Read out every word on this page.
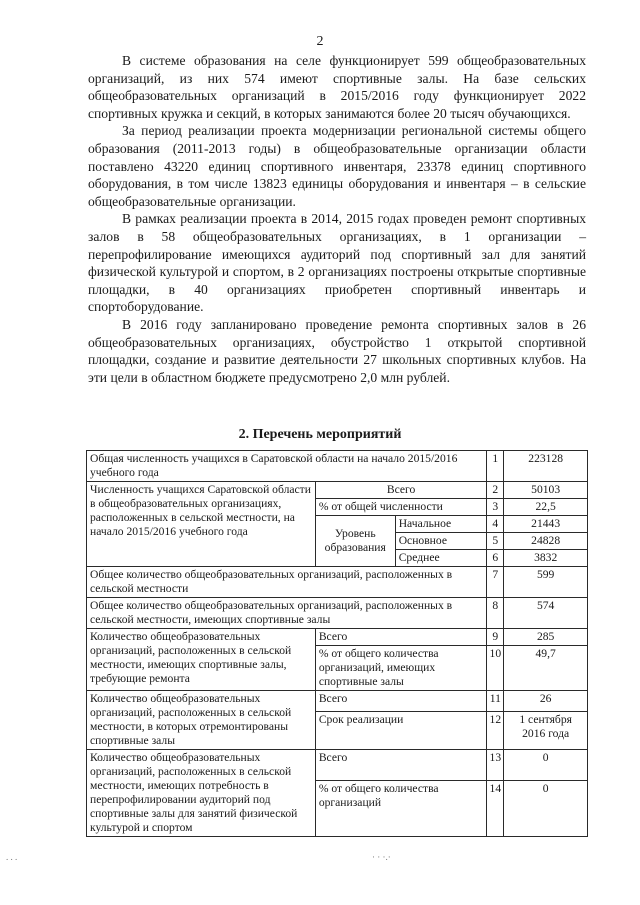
2

В системе образования на селе функционирует 599 общеобразовательных организаций, из них 574 имеют спортивные залы. На базе сельских общеобразовательных организаций в 2015/2016 году функционирует 2022 спортивных кружка и секций, в которых занимаются более 20 тысяч обучающихся.

За период реализации проекта модернизации региональной системы общего образования (2011-2013 годы) в общеобразовательные организации области поставлено 43220 единиц спортивного инвентаря, 23378 единиц спортивного оборудования, в том числе 13823 единицы оборудования и инвентаря – в сельские общеобразовательные организации.

В рамках реализации проекта в 2014, 2015 годах проведен ремонт спортивных залов в 58 общеобразовательных организациях, в 1 организации – перепрофилирование имеющихся аудиторий под спортивный зал для занятий физической культурой и спортом, в 2 организациях построены открытые спортивные площадки, в 40 организациях приобретен спортивный инвентарь и спортоборудование.

В 2016 году запланировано проведение ремонта спортивных залов в 26 общеобразовательных организациях, обустройство 1 открытой спортивной площадки, создание и развитие деятельности 27 школьных спортивных клубов. На эти цели в областном бюджете предусмотрено 2,0 млн рублей.

2. Перечень мероприятий
Общая численность учащихся в Саратовской области на начало 2015/2016 учебного года			1	223128
Численность учащихся Саратовской области в общеобразовательных организациях, расположенных в сельской местности, на начало 2015/2016 учебного года	Всего		2	50103
	% от общей численности		3	22,5
	Уровень образования	Начальное	4	21443
		Основное	5	24828
		Среднее	6	3832
Общее количество общеобразовательных организаций, расположенных в сельской местности			7	599
Общее количество общеобразовательных организаций, расположенных в сельской местности, имеющих спортивные залы			8	574
Количество общеобразовательных организаций, расположенных в сельской местности, имеющих спортивные залы, требующие ремонта	Всего		9	285
	% от общего количества организаций, имеющих спортивные залы		10	49,7
Количество общеобразовательных организаций, расположенных в сельской местности, в которых отремонтированы спортивные залы	Всего		11	26
	Срок реализации		12	1 сентября 2016 года
Количество общеобразовательных организаций, расположенных в сельской местности, имеющих потребность в перепрофилировании аудиторий под спортивные залы для занятий физической культурой и спортом	Всего		13	0
	% от общего количества организаций		14	0
. . .	· · ·.·
